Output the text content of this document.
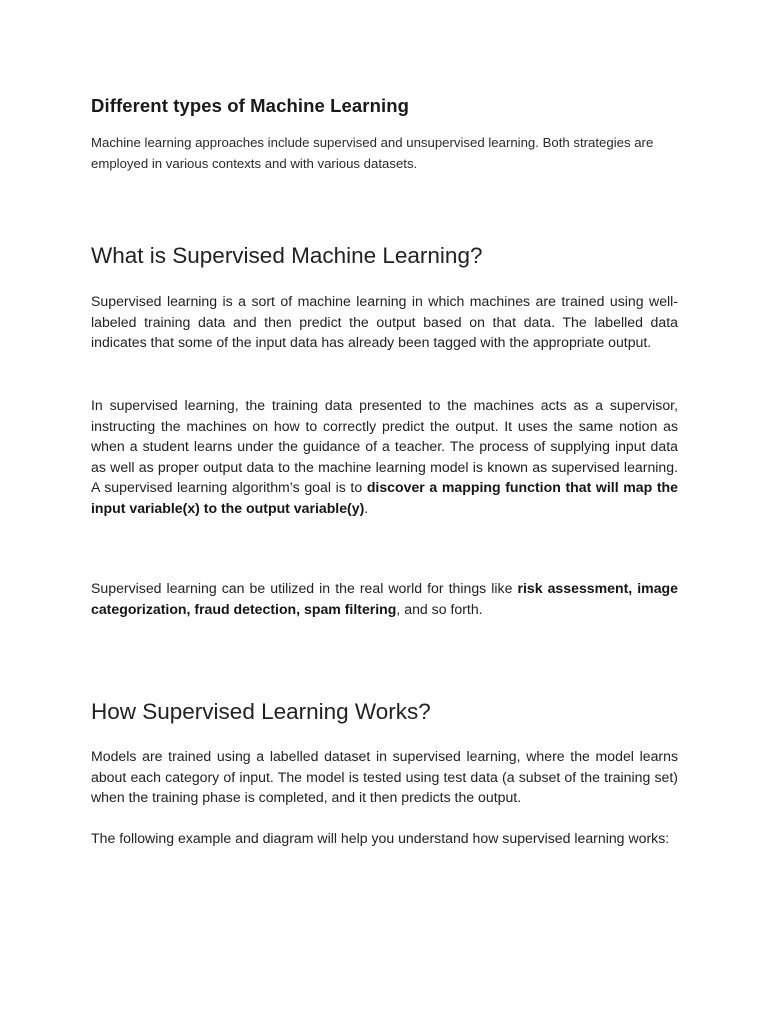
Different types of Machine Learning

Machine learning approaches include supervised and unsupervised learning. Both strategies are employed in various contexts and with various datasets.

What is Supervised Machine Learning?

Supervised learning is a sort of machine learning in which machines are trained using well-labeled training data and then predict the output based on that data. The labelled data indicates that some of the input data has already been tagged with the appropriate output.

In supervised learning, the training data presented to the machines acts as a supervisor, instructing the machines on how to correctly predict the output. It uses the same notion as when a student learns under the guidance of a teacher. The process of supplying input data as well as proper output data to the machine learning model is known as supervised learning. A supervised learning algorithm’s goal is to discover a mapping function that will map the input variable(x) to the output variable(y).

Supervised learning can be utilized in the real world for things like risk assessment, image categorization, fraud detection, spam filtering, and so forth.

How Supervised Learning Works?

Models are trained using a labelled dataset in supervised learning, where the model learns about each category of input. The model is tested using test data (a subset of the training set) when the training phase is completed, and it then predicts the output.

The following example and diagram will help you understand how supervised learning works:
